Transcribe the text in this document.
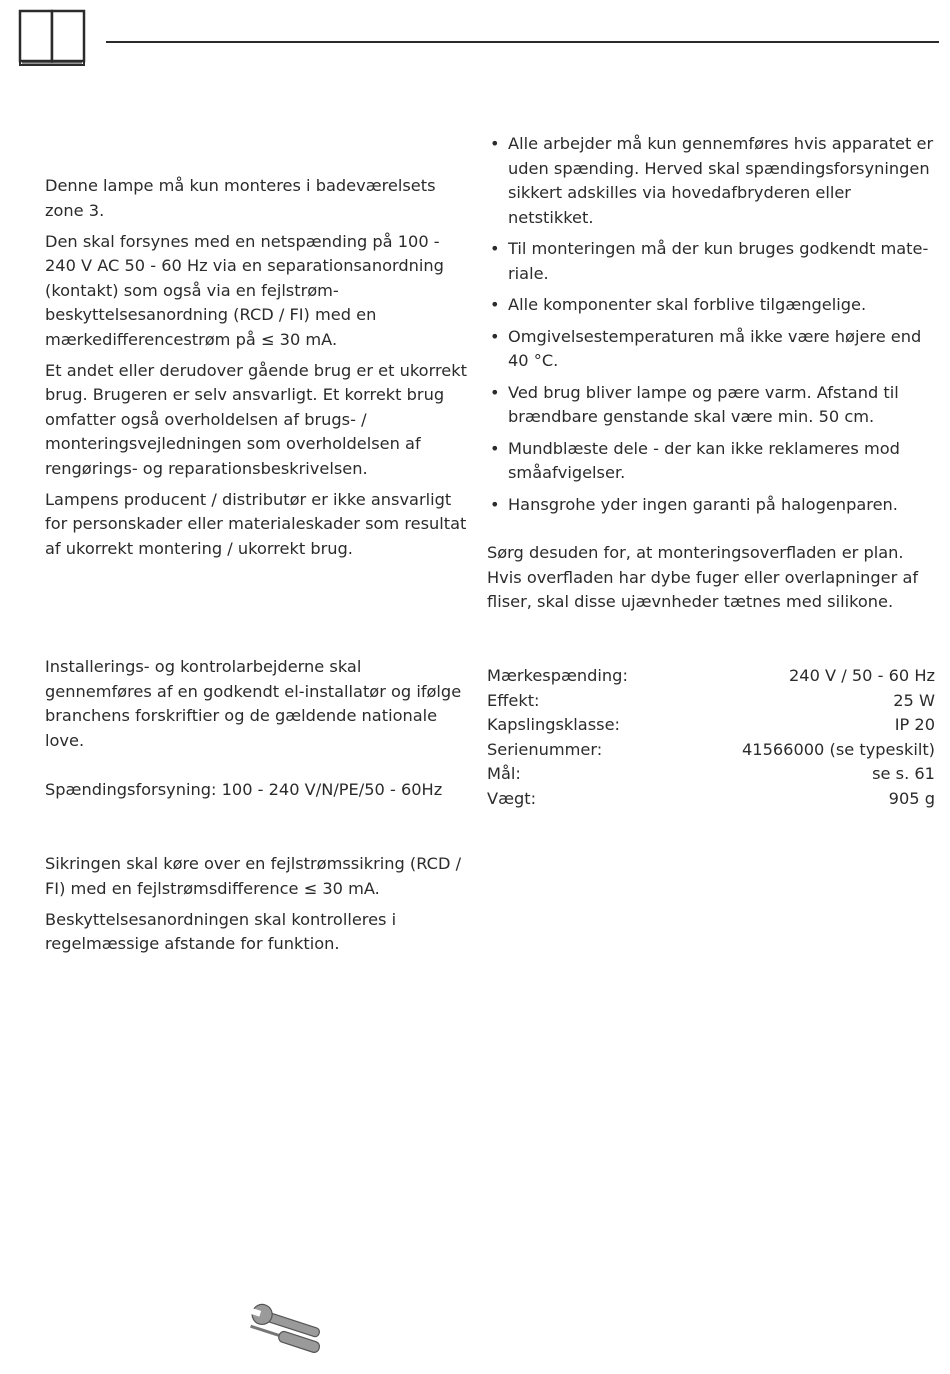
Denne lampe må kun monteres i badeværelsets zone 3.

Den skal forsynes med en netspænding på 100 - 240 V AC 50 - 60 Hz via en separationsanordning (kontakt) som også via en fejlstrøm-beskyttelsesanordning (RCD / FI) med en mærkedifferencestrøm på ≤ 30 mA.

Et andet eller derudover gående brug er et ukorrekt brug. Brugeren er selv ansvarligt. Et korrekt brug omfatter også overholdelsen af brugs- / monteringsvejledningen som overholdelsen af rengørings- og reparationsbeskrivelsen.

Lampens producent / distributør er ikke ansvarligt for personskader eller materialeskader som resultat af ukorrekt montering / ukorrekt brug.

Installerings- og kontrolarbejderne skal gennemføres af en godkendt el-installatør og ifølge branchens forskriftier og de gældende nationale love.

Spændingsforsyning: 100 - 240 V/N/PE/50 - 60Hz

Sikringen skal køre over en fejlstrømssikring (RCD / FI) med en fejlstrømsdifference ≤ 30 mA.

Beskyttelsesanordningen skal kontrolleres i regelmæssige afstande for funktion.

• Alle arbejder må kun gennemføres hvis apparatet er uden spænding. Herved skal spændingsforsyningen sikkert adskilles via hovedafbryderen eller netstikket.
• Til monteringen må der kun bruges godkendt mate-riale.
• Alle komponenter skal forblive tilgængelige.
• Omgivelsestemperaturen må ikke være højere end 40 °C.
• Ved brug bliver lampe og pære varm. Afstand til brændbare genstande skal være min. 50 cm.
• Mundblæste dele - der kan ikke reklameres mod småafvigelser.
• Hansgrohe yder ingen garanti på halogenparen.

Sørg desuden for, at monteringsoverfladen er plan. Hvis overfladen har dybe fuger eller overlapninger af fliser, skal disse ujævnheder tætnes med silikone.

Mærkespænding:	240 V / 50 - 60 Hz
Effekt:	25 W
Kapslingsklasse:	IP 20
Serienummer:	41566000 (se typeskilt)
Mål:	se s. 61
Vægt:	905 g
